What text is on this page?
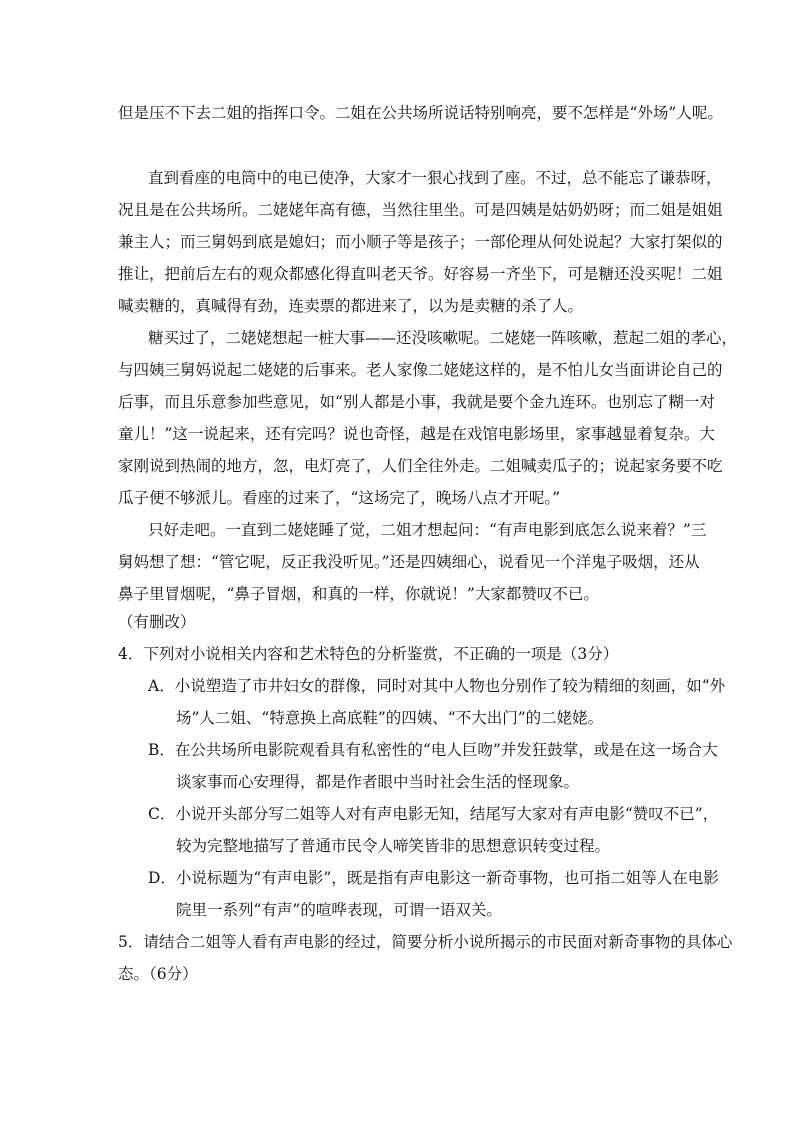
但是压不下去二姐的指挥口令。二姐在公共场所说话特别响亮，要不怎样是“外场”人呢。
直到看座的电筒中的电已使净，大家才一狠心找到了座。不过，总不能忘了谦恭呀，
况且是在公共场所。二姥姥年高有德，当然往里坐。可是四姨是姑奶奶呀；而二姐是姐姐
兼主人；而三舅妈到底是媳妇；而小顺子等是孩子；一部伦理从何处说起？大家打架似的
推让，把前后左右的观众都感化得直叫老天爷。好容易一齐坐下，可是糖还没买呢！二姐
喊卖糖的，真喊得有劲，连卖票的都进来了，以为是卖糖的杀了人。
糖买过了，二姥姥想起一桩大事——还没咳嗽呢。二姥姥一阵咳嗽，惹起二姐的孝心，
与四姨三舅妈说起二姥姥的后事来。老人家像二姥姥这样的，是不怕儿女当面讲论自己的
后事，而且乐意参加些意见，如“别人都是小事，我就是要个金九连环。也别忘了糊一对
童儿！”这一说起来，还有完吗？说也奇怪，越是在戏馆电影场里，家事越显着复杂。大
家刚说到热闹的地方，忽，电灯亮了，人们全往外走。二姐喊卖瓜子的；说起家务要不吃
瓜子便不够派儿。看座的过来了，“这场完了，晚场八点才开呢。”
只好走吧。一直到二姥姥睡了觉，二姐才想起问：“有声电影到底怎么说来着？”三
舅妈想了想：“管它呢，反正我没听见。”还是四姨细心，说看见一个洋鬼子吸烟，还从
鼻子里冒烟呢，“鼻子冒烟，和真的一样，你就说！”大家都赞叹不已。
（有删改）
4．下列对小说相关内容和艺术特色的分析鉴赏，不正确的一项是（3分）
A．小说塑造了市井妇女的群像，同时对其中人物也分别作了较为精细的刻画，如“外
场”人二姐、“特意换上高底鞋”的四姨、“不大出门”的二姥姥。
B．在公共场所电影院观看具有私密性的“电人巨吻”并发狂鼓掌，或是在这一场合大
谈家事而心安理得，都是作者眼中当时社会生活的怪现象。
C．小说开头部分写二姐等人对有声电影无知，结尾写大家对有声电影“赞叹不已”，
较为完整地描写了普通市民令人啼笑皆非的思想意识转变过程。
D．小说标题为“有声电影”，既是指有声电影这一新奇事物，也可指二姐等人在电影
院里一系列“有声”的喧哗表现，可谓一语双关。
5．请结合二姐等人看有声电影的经过，简要分析小说所揭示的市民面对新奇事物的具体心
态。（6分）
